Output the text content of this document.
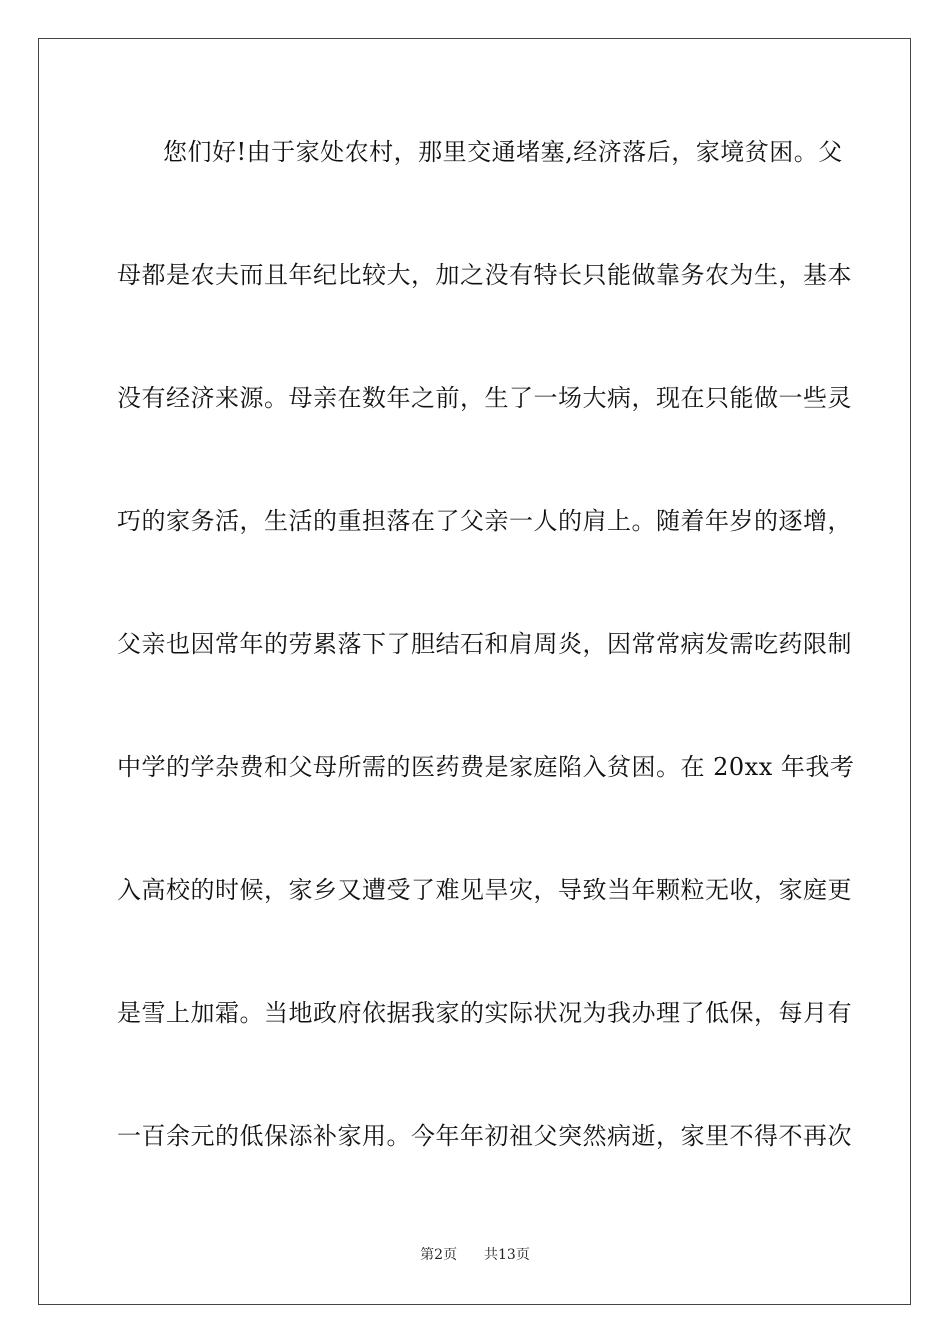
您们好!由于家处农村，那里交通堵塞,经济落后，家境贫困。父
母都是农夫而且年纪比较大，加之没有特长只能做靠务农为生，基本
没有经济来源。母亲在数年之前，生了一场大病，现在只能做一些灵
巧的家务活，生活的重担落在了父亲一人的肩上。随着年岁的逐增，
父亲也因常年的劳累落下了胆结石和肩周炎，因常常病发需吃药限制
中学的学杂费和父母所需的医药费是家庭陷入贫困。在 20xx 年我考
入高校的时候，家乡又遭受了难见旱灾，导致当年颗粒无收，家庭更
是雪上加霜。当地政府依据我家的实际状况为我办理了低保，每月有
一百余元的低保添补家用。今年年初祖父突然病逝，家里不得不再次
第2页 共13页
